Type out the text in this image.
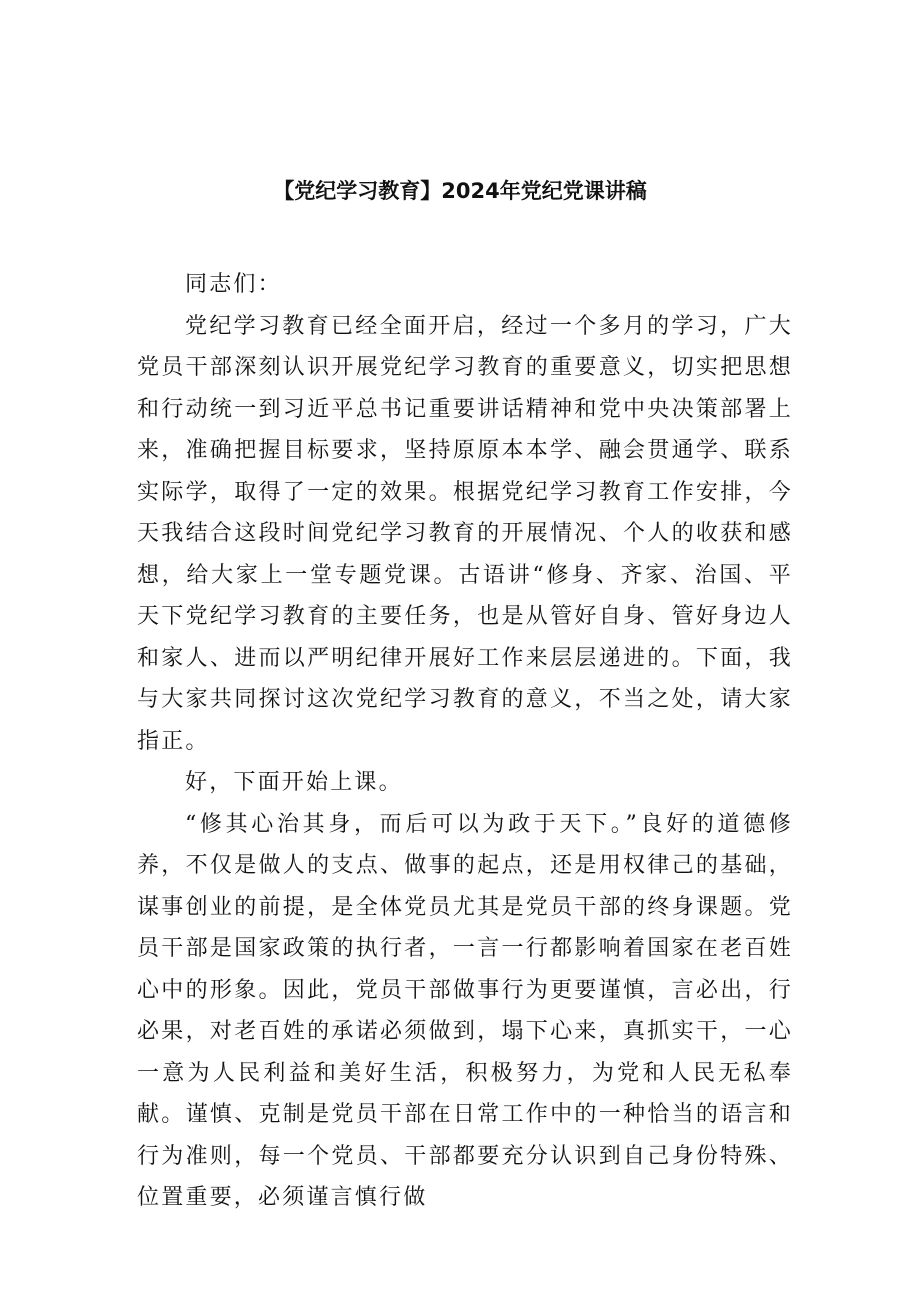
【党纪学习教育】2024年党纪党课讲稿

同志们：

党纪学习教育已经全面开启，经过一个多月的学习，广大党员干部深刻认识开展党纪学习教育的重要意义，切实把思想和行动统一到习近平总书记重要讲话精神和党中央决策部署上来，准确把握目标要求，坚持原原本本学、融会贯通学、联系实际学，取得了一定的效果。根据党纪学习教育工作安排，今天我结合这段时间党纪学习教育的开展情况、个人的收获和感想，给大家上一堂专题党课。古语讲“修身、齐家、治国、平天下党纪学习教育的主要任务，也是从管好自身、管好身边人和家人、进而以严明纪律开展好工作来层层递进的。下面，我与大家共同探讨这次党纪学习教育的意义，不当之处，请大家指正。

好，下面开始上课。

“修其心治其身，而后可以为政于天下。”良好的道德修养，不仅是做人的支点、做事的起点，还是用权律己的基础，谋事创业的前提，是全体党员尤其是党员干部的终身课题。党员干部是国家政策的执行者，一言一行都影响着国家在老百姓心中的形象。因此，党员干部做事行为更要谨慎，言必出，行必果，对老百姓的承诺必须做到，塌下心来，真抓实干，一心一意为人民利益和美好生活，积极努力，为党和人民无私奉献。谨慎、克制是党员干部在日常工作中的一种恰当的语言和行为准则，每一个党员、干部都要充分认识到自己身份特殊、位置重要，必须谨言慎行做
